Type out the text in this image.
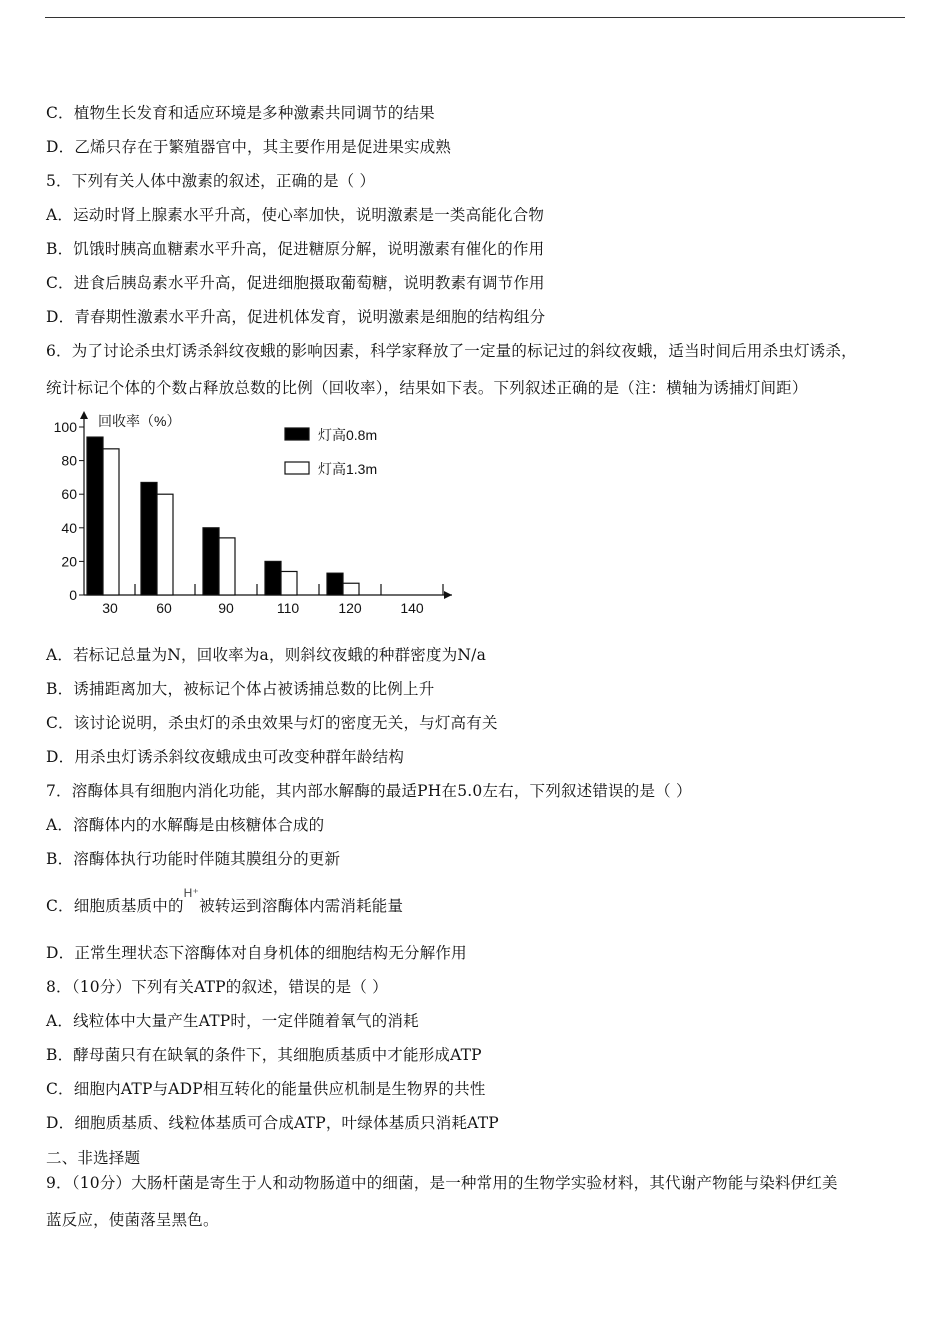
C．植物生长发育和适应环境是多种激素共同调节的结果
D．乙烯只存在于繁殖器官中，其主要作用是促进果实成熟
5．下列有关人体中激素的叙述，正确的是（ ）
A．运动时肾上腺素水平升高，使心率加快，说明激素是一类高能化合物
B．饥饿时胰高血糖素水平升高，促进糖原分解，说明激素有催化的作用
C．进食后胰岛素水平升高，促进细胞摄取葡萄糖，说明教素有调节作用
D．青春期性激素水平升高，促进机体发育，说明激素是细胞的结构组分
6．为了讨论杀虫灯诱杀斜纹夜蛾的影响因素，科学家释放了一定量的标记过的斜纹夜蛾，适当时间后用杀虫灯诱杀，
统计标记个体的个数占释放总数的比例（回收率），结果如下表。下列叙述正确的是（注：横轴为诱捕灯间距）
100
80
60
40
20
0
回收率（%）
30	60	90	110	120	140
灯高0.8m
灯高1.3m
A．若标记总量为N，回收率为a，则斜纹夜蛾的种群密度为N/a
B．诱捕距离加大，被标记个体占被诱捕总数的比例上升
C．该讨论说明，杀虫灯的杀虫效果与灯的密度无关，与灯高有关
D．用杀虫灯诱杀斜纹夜蛾成虫可改变种群年龄结构
7．溶酶体具有细胞内消化功能，其内部水解酶的最适PH在5.0左右，下列叙述错误的是（ ）
A．溶酶体内的水解酶是由核糖体合成的
B．溶酶体执行功能时伴随其膜组分的更新
C．细胞质基质中的$^{H^+}$被转运到溶酶体内需消耗能量
D．正常生理状态下溶酶体对自身机体的细胞结构无分解作用
8．（10分）下列有关ATP的叙述，错误的是（ ）
A．线粒体中大量产生ATP时，一定伴随着氧气的消耗
B．酵母菌只有在缺氧的条件下，其细胞质基质中才能形成ATP
C．细胞内ATP与ADP相互转化的能量供应机制是生物界的共性
D．细胞质基质、线粒体基质可合成ATP，叶绿体基质只消耗ATP
二、非选择题
9．（10分）大肠杆菌是寄生于人和动物肠道中的细菌，是一种常用的生物学实验材料，其代谢产物能与染料伊红美
蓝反应，使菌落呈黑色。
